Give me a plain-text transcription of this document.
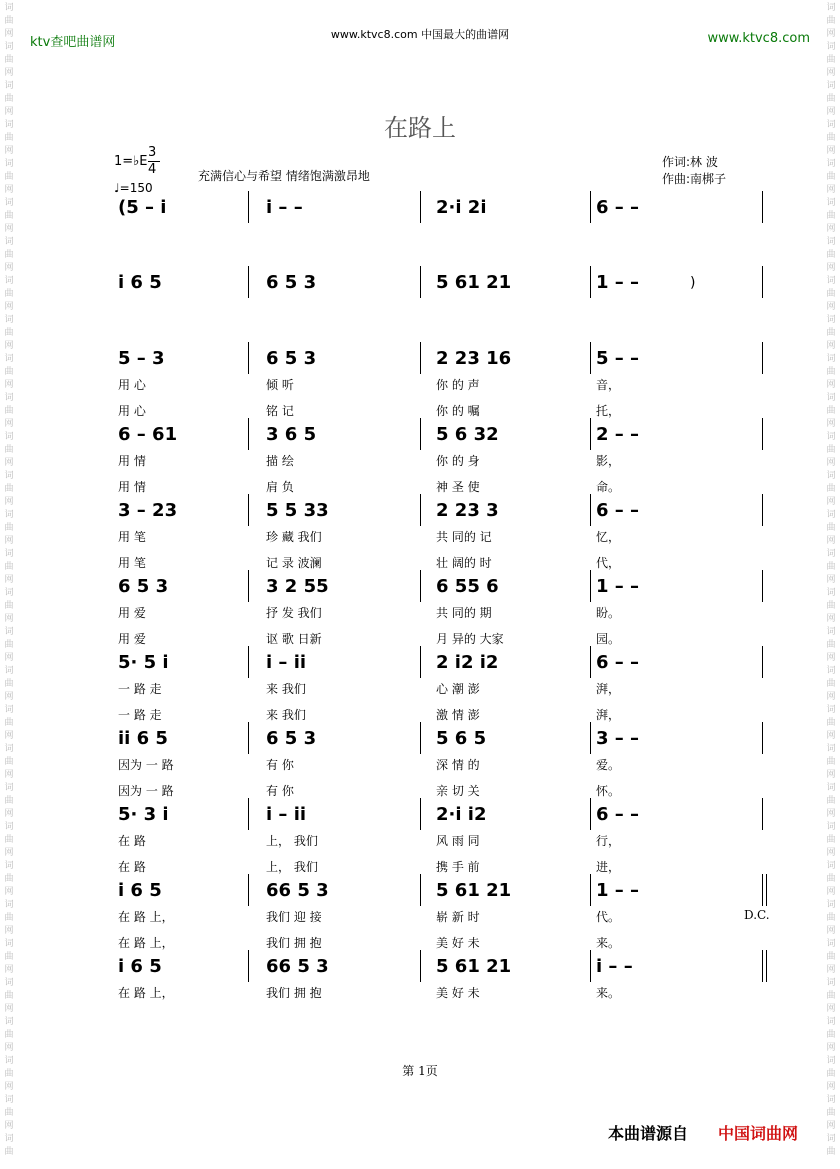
词
曲
网
词
曲
网
词
曲
网
词
曲
网
词
曲
网
词
曲
网
词
曲
网
词
曲
网
词
曲
网
词
曲
网
词
曲
网
词
曲
网
词
曲
网
词
曲
网
词
曲
网
词
曲
网
词
曲
网
词
曲
网
词
曲
网
词
曲
网
词
曲
网
词
曲
网
词
曲
网
词
曲
网
词
曲
网
词
曲
网
词
曲
网
词
曲
网
词
曲
网
词
曲
词
曲
网
词
曲
网
词
曲
网
词
曲
网
词
曲
网
词
曲
网
词
曲
网
词
曲
网
词
曲
网
词
曲
网
词
曲
网
词
曲
网
词
曲
网
词
曲
网
词
曲
网
词
曲
网
词
曲
网
词
曲
网
词
曲
网
词
曲
网
词
曲
网
词
曲
网
词
曲
网
词
曲
网
词
曲
网
词
曲
网
词
曲
网
词
曲
网
词
曲
网
词
曲
ktv查吧曲谱网
www.ktvc8.com 中国最大的曲谱网	www.ktvc8.com
在路上
1=♭E
3
4	充满信心与希望 情绪饱满激昂地
♩=150
作词:林 波
作曲:南梆子
(5 – i	i – –	2·i 2i	6 – –
i 6 5	6 5 3	5 61 21	1 – –
5 – 3	6 5 3	2 23 16	5 – –
用 心	倾 听	你 的 声	音，
用 心	铭 记	你 的 嘱	托，
6 – 61	3 6 5	5 6 32	2 – –
用 情	描 绘	你 的 身	影，
用 情	肩 负	神 圣 使	命。
3 – 23	5 5 33	2 23 3	6 – –
用 笔	珍 藏 我们	共 同的 记	忆，
用 笔	记 录 波澜	壮 阔的 时	代，
6 5 3	3 2 55	6 55 6	1 – –
用 爱	抒 发 我们	共 同的 期	盼。
用 爱	讴 歌 日新	月 异的 大家	园。
5· 5 i	i – ii	2 i2 i2	6 – –
一 路 走	来 我们	心 潮 澎	湃，
一 路 走	来 我们	激 情 澎	湃，
ii 6 5	6 5 3	5 6 5	3 – –
因为 一 路	有 你	深 情 的	爱。
因为 一 路	有 你	亲 切 关	怀。
5· 3 i	i – ii	2·i i2	6 – –
在 路	上， 我们	风 雨 同	行，
在 路	上， 我们	携 手 前	进，
i 6 5	66 5 3	5 61 21	1 – –
在 路 上，	我们 迎 接	崭 新 时	代。
在 路 上，	我们 拥 抱	美 好 未	来。
i 6 5	66 5 3	5 61 21	i – –
在 路 上，	我们 拥 抱	美 好 未	来。
)
D.C.
第 1页
本曲谱源自 中国词曲网
